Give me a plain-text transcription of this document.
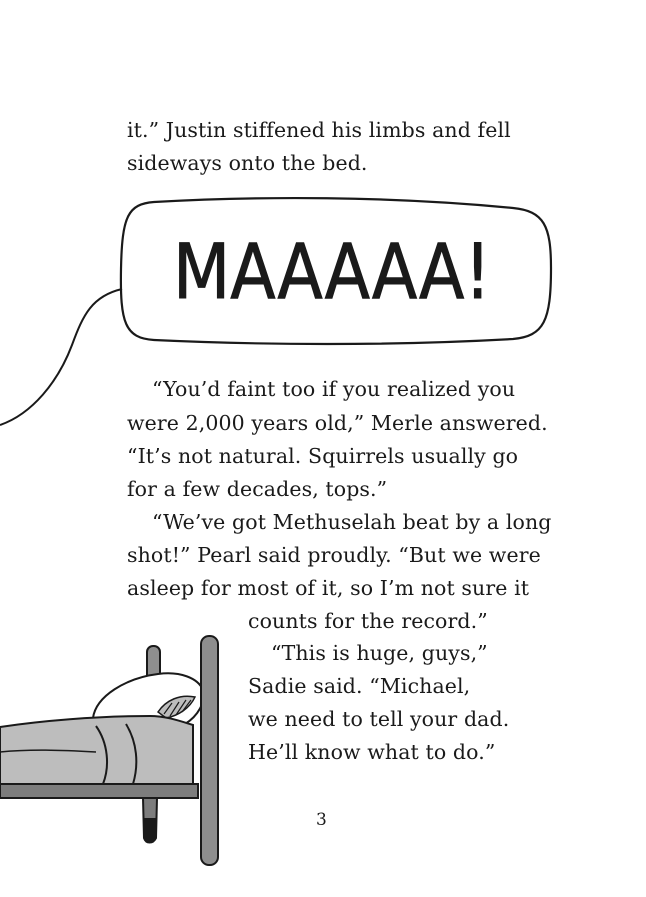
it.” Justin stiffened his limbs and fell
sideways onto the bed.
“You’d faint too if you realized you
were 2,000 years old,” Merle answered.
“It’s not natural. Squirrels usually go
for a few decades, tops.”
“We’ve got Methuselah beat by a long
shot!” Pearl said proudly. “But we were
asleep for most of it, so I’m not sure it
counts for the record.”
“This is huge, guys,”
Sadie said. “Michael,
we need to tell your dad.
He’ll know what to do.”
MAAAAA!
3
